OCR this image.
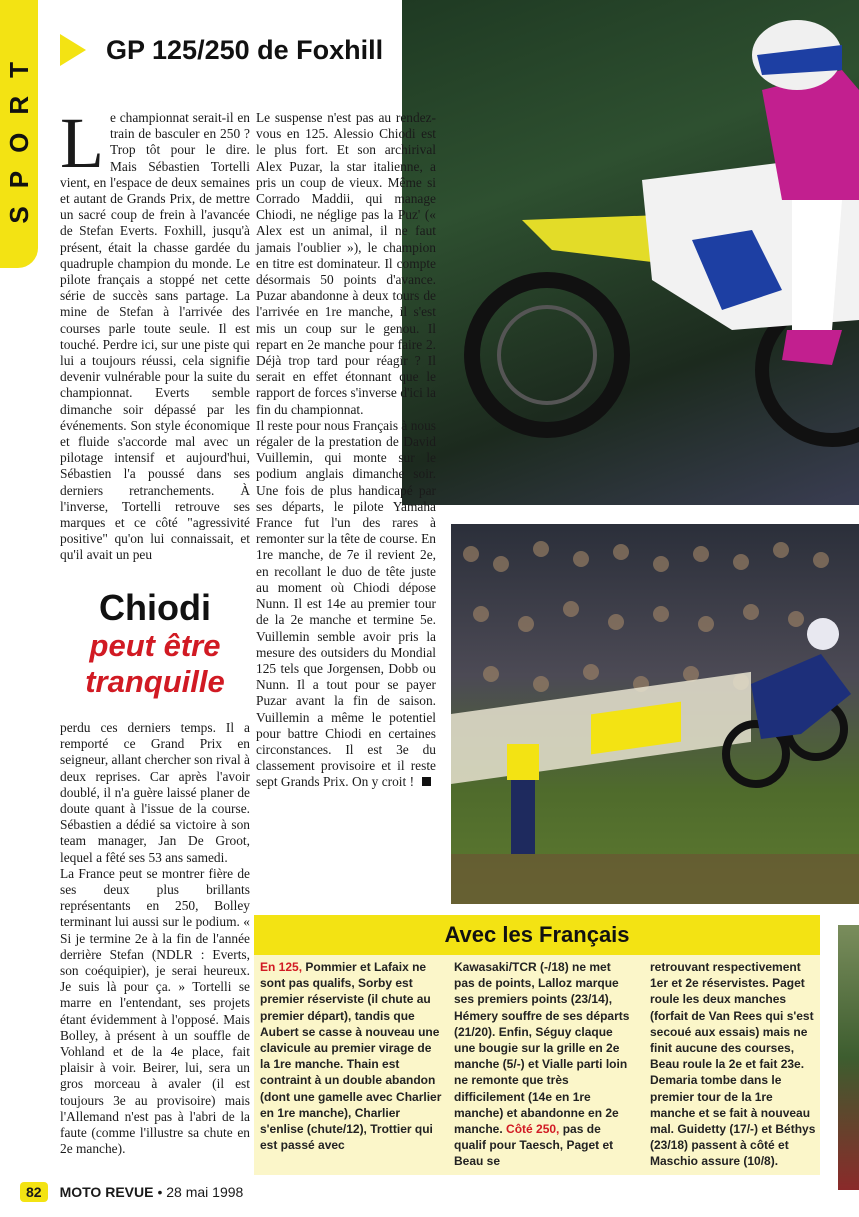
SPORT	GP 125/250 de Foxhill
L e championnat serait-il en train de basculer en 250 ? Trop tôt pour le dire. Mais Sébastien Tortelli vient, en l'espace de deux semaines et autant de Grands Prix, de mettre un sacré coup de frein à l'avancée de Stefan Everts. Foxhill, jusqu'à présent, était la chasse gardée du quadruple champion du monde. Le pilote français a stoppé net cette série de succès sans partage. La mine de Stefan à l'arrivée des courses parle toute seule. Il est touché. Perdre ici, sur une piste qui lui a toujours réussi, cela signifie devenir vulnérable pour la suite du championnat. Everts semble dimanche soir dépassé par les événements. Son style économique et fluide s'accorde mal avec un pilotage intensif et aujourd'hui, Sébastien l'a poussé dans ses derniers retranchements. À l'inverse, Tortelli retrouve ses marques et ce côté "agressivité positive" qu'on lui connaissait, et qu'il avait un peu

Chiodi
peut être
tranquille

perdu ces derniers temps. Il a remporté ce Grand Prix en seigneur, allant chercher son rival à deux reprises. Car après l'avoir doublé, il n'a guère laissé planer de doute quant à l'issue de la course. Sébastien a dédié sa victoire à son team manager, Jan De Groot, lequel a fêté ses 53 ans samedi.

La France peut se montrer fière de ses deux plus brillants représentants en 250, Bolley terminant lui aussi sur le podium. « Si je termine 2e à la fin de l'année derrière Stefan (NDLR : Everts, son coéquipier), je serai heureux. Je suis là pour ça. » Tortelli se marre en l'entendant, ses projets étant évidemment à l'opposé. Mais Bolley, à présent à un souffle de Vohland et de la 4e place, fait plaisir à voir. Beirer, lui, sera un gros morceau à avaler (il est toujours 3e au provisoire) mais l'Allemand n'est pas à l'abri de la faute (comme l'illustre sa chute en 2e manche).

Le suspense n'est pas au rendez-vous en 125. Alessio Chiodi est le plus fort. Et son archirival Alex Puzar, la star italienne, a pris un coup de vieux. Même si Corrado Maddii, qui manage Chiodi, ne néglige pas la Puz' (« Alex est un animal, il ne faut jamais l'oublier »), le champion en titre est dominateur. Il compte désormais 50 points d'avance. Puzar abandonne à deux tours de l'arrivée en 1re manche, il s'est mis un coup sur le genou. Il repart en 2e manche pour faire 2. Déjà trop tard pour réagir ? Il serait en effet étonnant que le rapport de forces s'inverse d'ici la fin du championnat.

Il reste pour nous Français à nous régaler de la prestation de David Vuillemin, qui monte sur le podium anglais dimanche soir. Une fois de plus handicapé par ses départs, le pilote Yamaha France fut l'un des rares à remonter sur la tête de course. En 1re manche, de 7e il revient 2e, en recollant le duo de tête juste au moment où Chiodi dépose Nunn. Il est 14e au premier tour de la 2e manche et termine 5e. Vuillemin semble avoir pris la mesure des outsiders du Mondial 125 tels que Jorgensen, Dobb ou Nunn. Il a tout pour se payer Puzar avant la fin de saison. Vuillemin a même le potentiel pour battre Chiodi en certaines circonstances. Il est 3e du classement provisoire et il reste sept Grands Prix. On y croit !

Avec les Français
En 125, Pommier et Lafaix ne sont pas qualifs, Sorby est premier réserviste (il chute au premier départ), tandis que Aubert se casse à nouveau une clavicule au premier virage de la 1re manche. Thain est contraint à un double abandon (dont une gamelle avec Charlier en 1re manche), Charlier s'enlise (chute/12), Trottier qui est passé avec
Kawasaki/TCR (-/18) ne met pas de points, Lalloz marque ses premiers points (23/14), Hémery souffre de ses départs (21/20). Enfin, Séguy claque une bougie sur la grille en 2e manche (5/-) et Vialle parti loin ne remonte que très difficilement (14e en 1re manche) et abandonne en 2e manche. Côté 250, pas de qualif pour Taesch, Paget et Beau se
retrouvant respectivement 1er et 2e réservistes. Paget roule les deux manches (forfait de Van Rees qui s'est secoué aux essais) mais ne finit aucune des courses, Beau roule la 2e et fait 23e. Demaria tombe dans le premier tour de la 1re manche et se fait à nouveau mal. Guidetty (17/-) et Béthys (23/18) passent à côté et Maschio assure (10/8).
82	MOTO REVUE • 28 mai 1998
